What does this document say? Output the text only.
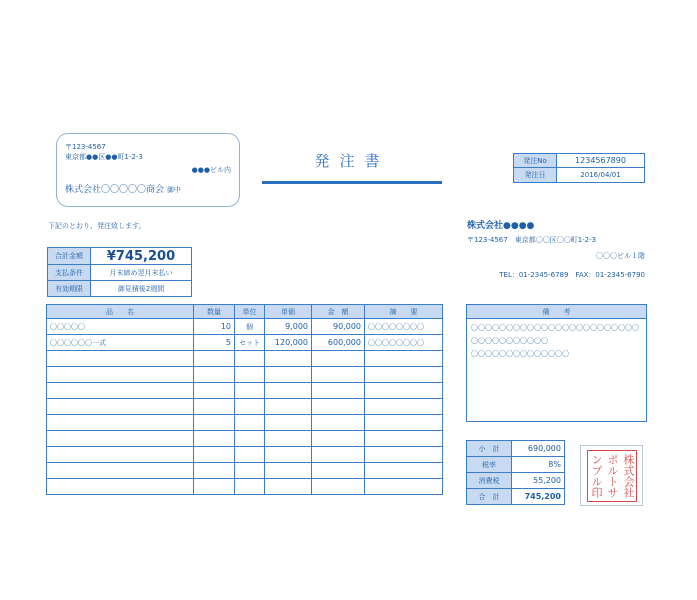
〒123-4567
東京都●●区●●町1-2-3
●●●ビル内
株式会社〇〇〇〇〇商会 御中
発注書	発注No	1234567890
発注日	2016/04/01
下記のとおり、発注致します。	株式会社●●●●
〒123-4567　東京都〇〇区〇〇町1-2-3
〇〇〇ビル１階
TEL：01-2345-6789　FAX：01-2345-6790
合計金額	¥745,200
支払条件	月末締め翌月末払い
有効期限	御見積後2週間
品　　名	数量	単位	単価	金　額	摘　　要
〇〇〇〇〇	10	個	9,000	90,000	〇〇〇〇〇〇〇〇
〇〇〇〇〇〇一式	5	セット	120,000	600,000	〇〇〇〇〇〇〇〇

備　　考

〇〇〇〇〇〇〇〇〇〇〇〇〇〇〇〇〇〇〇〇〇〇〇〇
〇〇〇〇〇〇〇〇〇〇〇
〇〇〇〇〇〇〇〇〇〇〇〇〇〇
小　計	690,000
税率	8%
消費税	55,200
合　計	745,200	株式会社
ポルトサ
ンプル印
